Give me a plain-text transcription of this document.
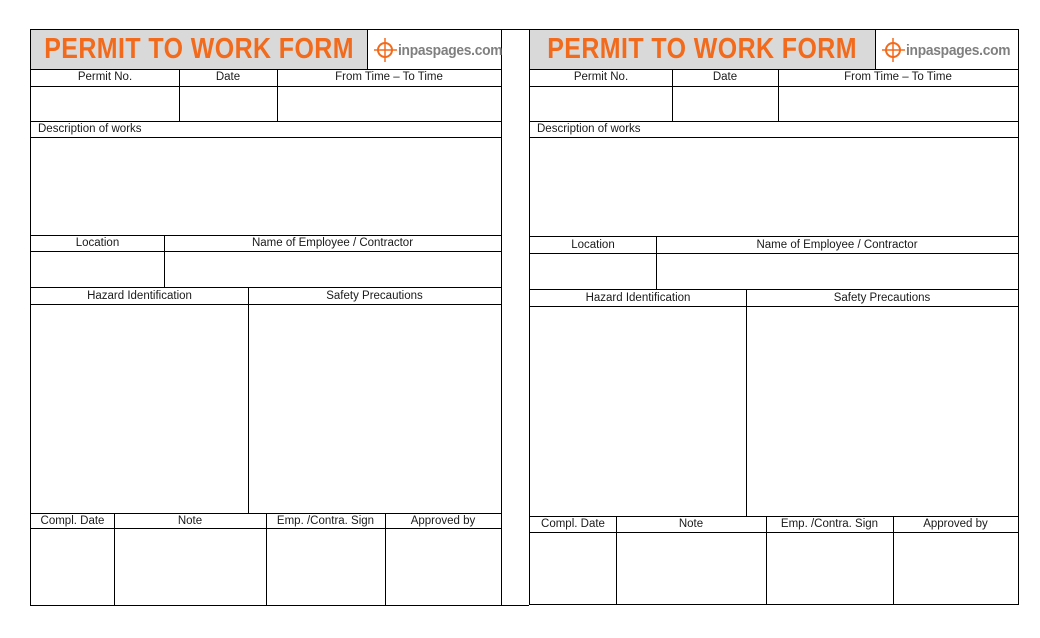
PERMIT TO WORK FORM	inpaspages.com
Permit No.	Date	From Time – To Time
Description of works
Location	Name of Employee / Contractor
Hazard Identification	Safety Precautions
Compl. Date	Note	Emp. /Contra. Sign	Approved by
PERMIT TO WORK FORM	inpaspages.com
Permit No.	Date	From Time – To Time
Description of works
Location	Name of Employee / Contractor
Hazard Identification	Safety Precautions
Compl. Date	Note	Emp. /Contra. Sign	Approved by
